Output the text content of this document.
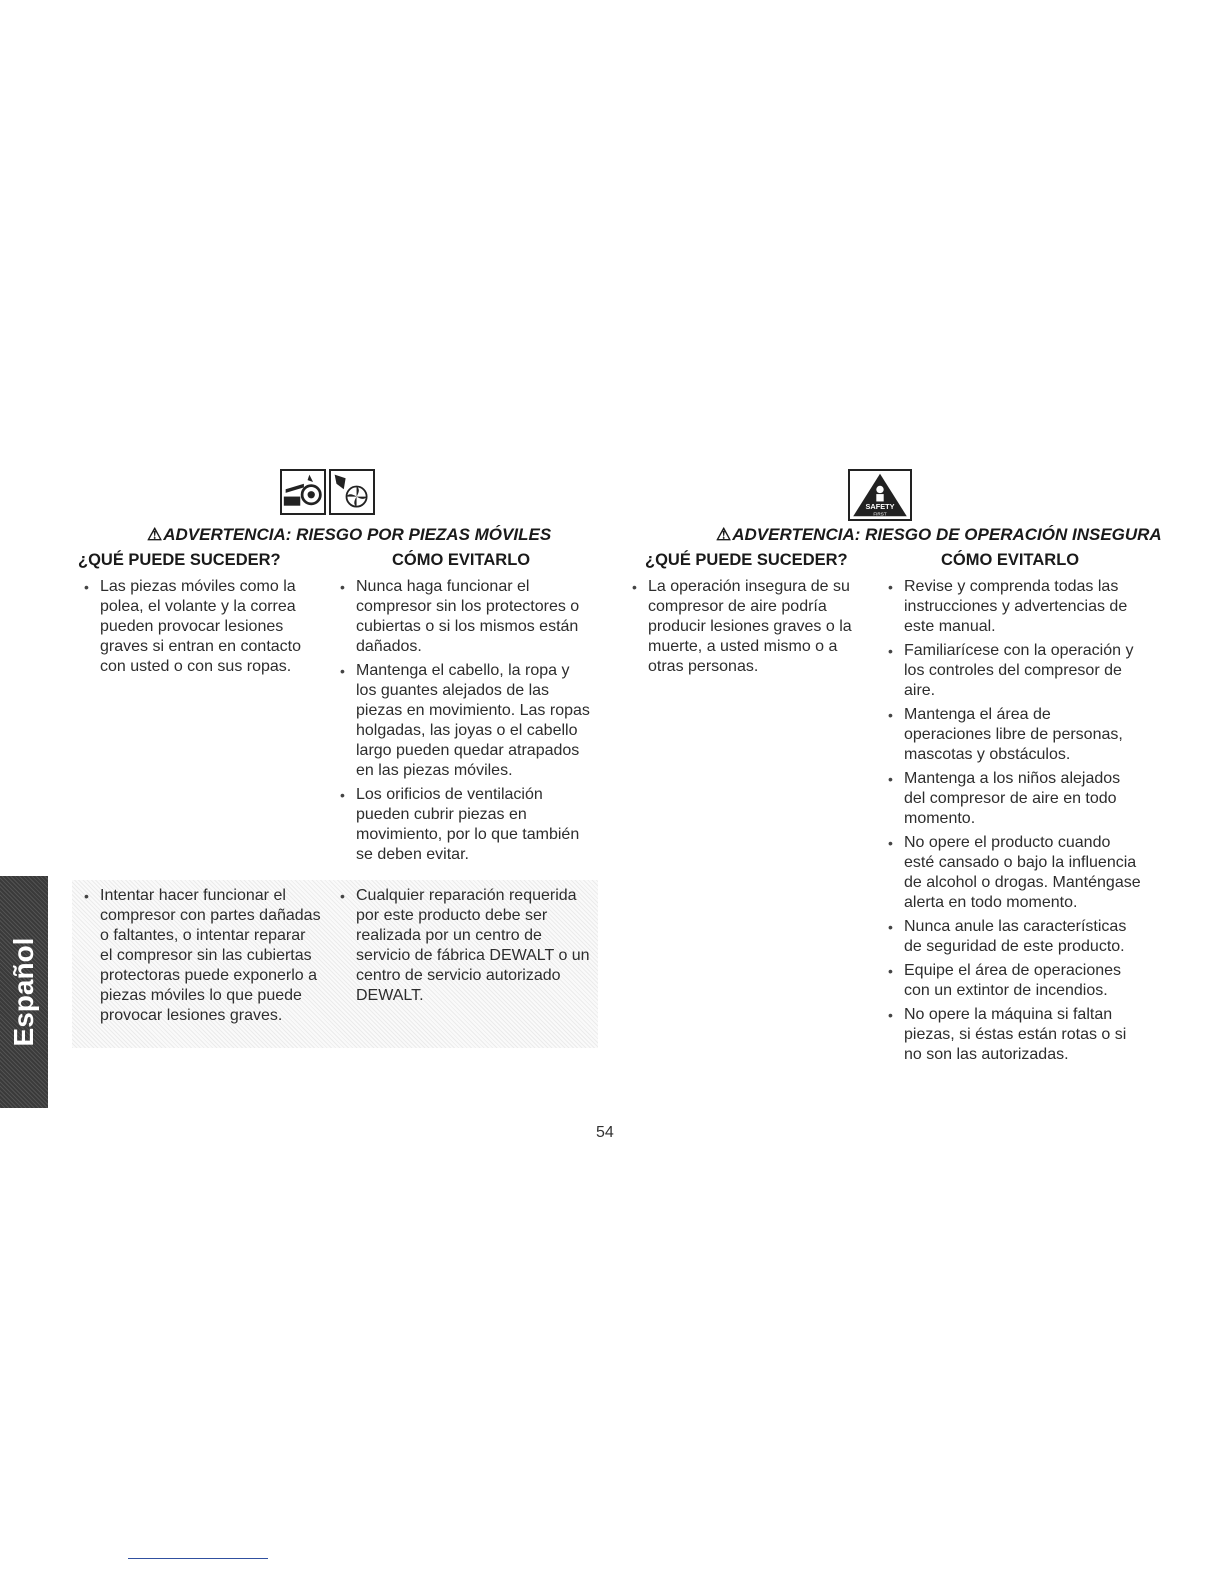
⚠ADVERTENCIA: RIESGO POR PIEZAS MÓVILES
¿QUÉ PUEDE SUCEDER?	CÓMO EVITARLO
• Las piezas móviles como la polea, el volante y la correa pueden provocar lesiones graves si entran en contacto con usted o con sus ropas.
• Nunca haga funcionar el compresor sin los protectores o cubiertas o si los mismos están dañados.
• Mantenga el cabello, la ropa y los guantes alejados de las piezas en movimiento. Las ropas holgadas, las joyas o el cabello largo pueden quedar atrapados en las piezas móviles.
• Los orificios de ventilación pueden cubrir piezas en movimiento, por lo que también se deben evitar.
• Intentar hacer funcionar el compresor con partes dañadas o faltantes, o intentar reparar el compresor sin las cubiertas protectoras puede exponerlo a piezas móviles lo que puede provocar lesiones graves.
• Cualquier reparación requerida por este producto debe ser realizada por un centro de servicio de fábrica DEWALT o un centro de servicio autorizado DEWALT.
SAFETY
FIRST
⚠ADVERTENCIA: RIESGO DE OPERACIÓN INSEGURA
¿QUÉ PUEDE SUCEDER?	CÓMO EVITARLO
• La operación insegura de su compresor de aire podría producir lesiones graves o la muerte, a usted mismo o a otras personas.
• Revise y comprenda todas las instrucciones y advertencias de este manual.
• Familiarícese con la operación y los controles del compresor de aire.
• Mantenga el área de operaciones libre de personas, mascotas y obstáculos.
• Mantenga a los niños alejados del compresor de aire en todo momento.
• No opere el producto cuando esté cansado o bajo la influencia de alcohol o drogas. Manténgase alerta en todo momento.
• Nunca anule las características de seguridad de este producto.
• Equipe el área de operaciones con un extintor de incendios.
• No opere la máquina si faltan piezas, si éstas están rotas o si no son las autorizadas.
Español
54
